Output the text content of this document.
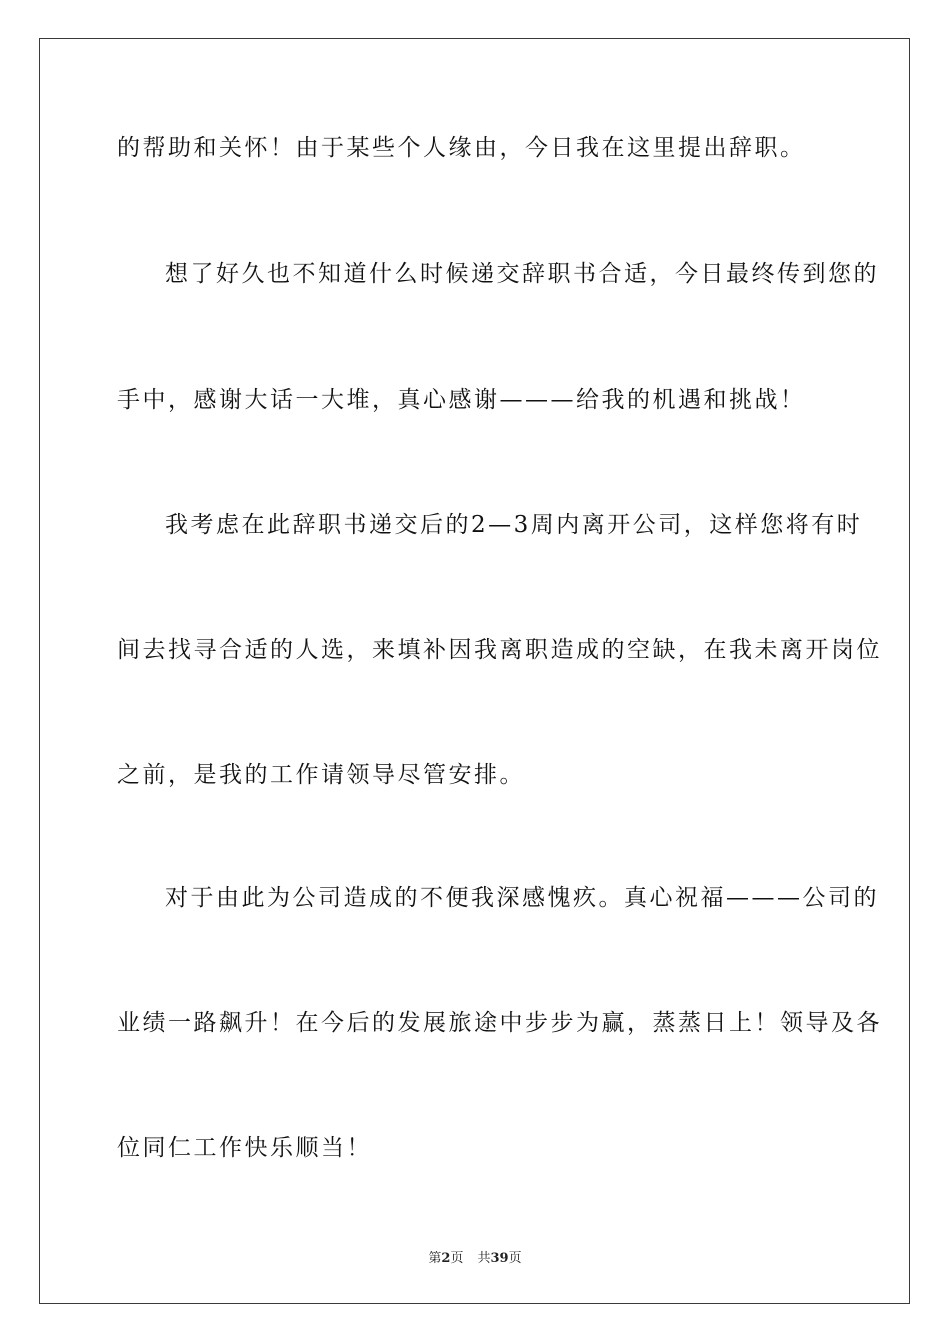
的帮助和关怀！由于某些个人缘由，今日我在这里提出辞职。
想了好久也不知道什么时候递交辞职书合适，今日最终传到您的
手中，感谢大话一大堆，真心感谢———给我的机遇和挑战！
我考虑在此辞职书递交后的2—3周内离开公司，这样您将有时
间去找寻合适的人选，来填补因我离职造成的空缺，在我未离开岗位
之前，是我的工作请领导尽管安排。
对于由此为公司造成的不便我深感愧疚。真心祝福———公司的
业绩一路飙升！在今后的发展旅途中步步为赢，蒸蒸日上！领导及各
位同仁工作快乐顺当！
第2页 共39页
